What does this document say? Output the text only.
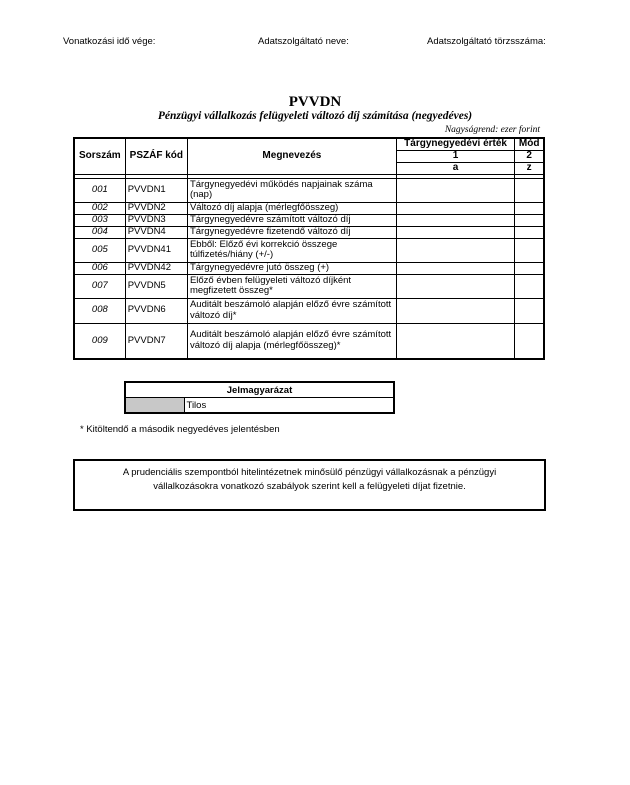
Vonatkozási idő vége:	Adatszolgáltató neve:	Adatszolgáltató törzsszáma:
PVVDN
Pénzügyi vállalkozás felügyeleti változó díj számítása (negyedéves)
Nagyságrend: ezer forint
Sorszám	PSZÁF kód	Megnevezés	Tárgynegyedévi érték	Mód
			1	2
			a	z

001	PVVDN1	Tárgynegyedévi működés napjainak száma (nap)		
002	PVVDN2	Változó díj alapja (mérlegfőösszeg)		
003	PVVDN3	Tárgynegyedévre számított változó díj		
004	PVVDN4	Tárgynegyedévre fizetendő változó díj		
005	PVVDN41	Ebből: Előző évi korrekció összege túlfizetés/hiány (+/-)		
006	PVVDN42	Tárgynegyedévre jutó összeg (+)		
007	PVVDN5	Előző évben felügyeleti változó díjként megfizetett összeg*		
008	PVVDN6	Auditált beszámoló alapján előző évre számított változó díj*		
009	PVVDN7	Auditált beszámoló alapján előző évre számított változó díj alapja (mérlegfőösszeg)*		
Jelmagyarázat
	Tilos
* Kitöltendő a második negyedéves jelentésben
A prudenciális szempontból hitelintézetnek minősülő pénzügyi vállalkozásnak a pénzügyi
vállalkozásokra vonatkozó szabályok szerint kell a felügyeleti díjat fizetnie.
